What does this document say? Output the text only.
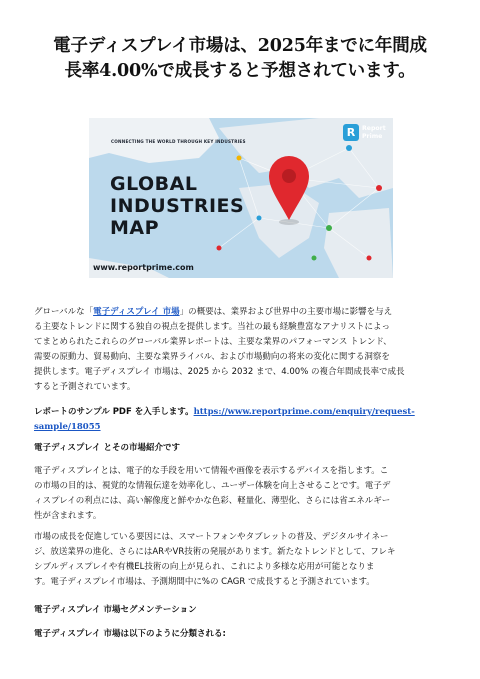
電子ディスプレイ市場は、2025年までに年間成
長率4.00%で成長すると予想されています。
CONNECTING THE WORLD THROUGH KEY INDUSTRIES
GLOBAL
INDUSTRIES
MAP
www.reportprime.com
R	Report
Prime

グローバルな「電子ディスプレイ 市場」の概要は、業界および世界中の主要市場に影響を与え
る主要なトレンドに関する独自の視点を提供します。当社の最も経験豊富なアナリストによっ
てまとめられたこれらのグローバル業界レポートは、主要な業界のパフォーマンス トレンド、
需要の原動力、貿易動向、主要な業界ライバル、および市場動向の将来の変化に関する洞察を
提供します。電子ディスプレイ 市場は、2025 から 2032 まで、4.00% の複合年間成長率で成長
すると予測されています。

レポートのサンプル PDF を入手します。https://www.reportprime.com/enquiry/request-
sample/18055

電子ディスプレイ とその市場紹介です

電子ディスプレイとは、電子的な手段を用いて情報や画像を表示するデバイスを指します。こ
の市場の目的は、視覚的な情報伝達を効率化し、ユーザー体験を向上させることです。電子デ
ィスプレイの利点には、高い解像度と鮮やかな色彩、軽量化、薄型化、さらには省エネルギー
性が含まれます。

市場の成長を促進している要因には、スマートフォンやタブレットの普及、デジタルサイネー
ジ、放送業界の進化、さらにはARやVR技術の発展があります。新たなトレンドとして、フレキ
シブルディスプレイや有機EL技術の向上が見られ、これにより多様な応用が可能となりま
す。電子ディスプレイ市場は、予測期間中に%の CAGR で成長すると予測されています。

電子ディスプレイ 市場セグメンテーション
電子ディスプレイ 市場は以下のように分類される:
